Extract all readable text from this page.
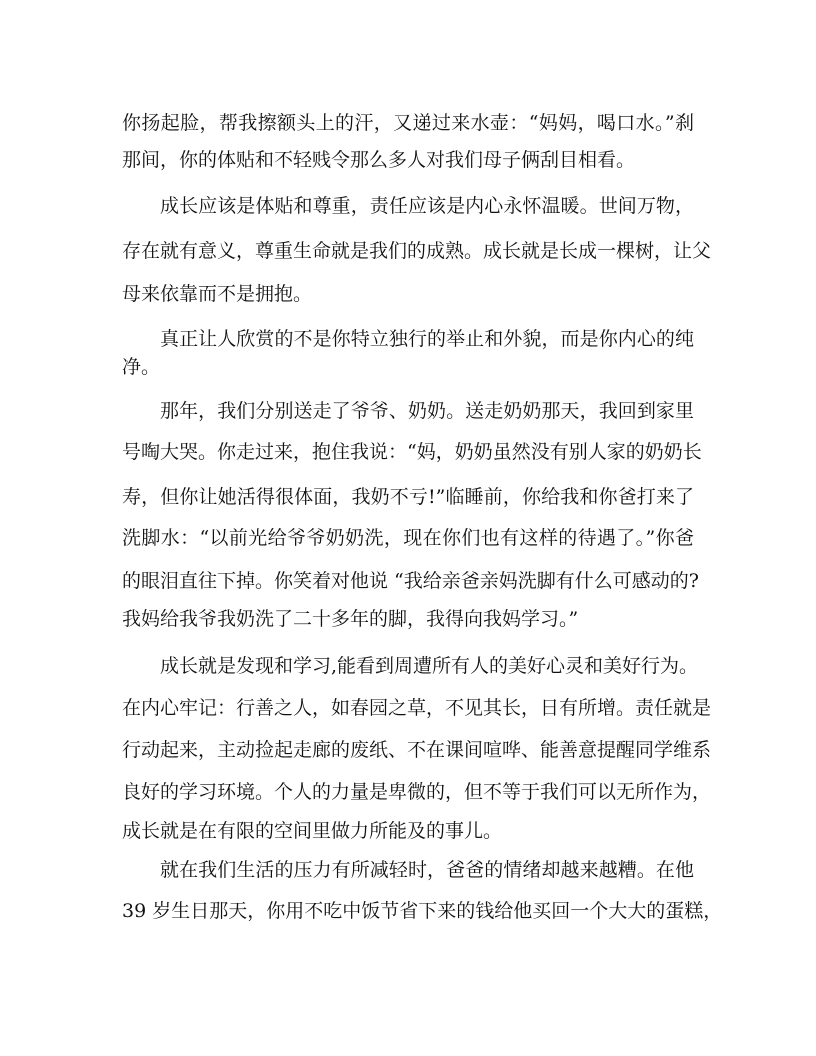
你扬起脸，帮我擦额头上的汗，又递过来水壶：“妈妈，喝口水。”刹
那间，你的体贴和不轻贱令那么多人对我们母子俩刮目相看。
成长应该是体贴和尊重，责任应该是内心永怀温暖。世间万物，
存在就有意义，尊重生命就是我们的成熟。成长就是长成一棵树，让父
母来依靠而不是拥抱。
真正让人欣赏的不是你特立独行的举止和外貌，而是你内心的纯
净。
那年，我们分别送走了爷爷、奶奶。送走奶奶那天，我回到家里
号啕大哭。你走过来，抱住我说：“妈，奶奶虽然没有别人家的奶奶长
寿，但你让她活得很体面，我奶不亏!”临睡前，你给我和你爸打来了
洗脚水：“以前光给爷爷奶奶洗，现在你们也有这样的待遇了。”你爸
的眼泪直往下掉。你笑着对他说 “我给亲爸亲妈洗脚有什么可感动的?
我妈给我爷我奶洗了二十多年的脚，我得向我妈学习。”
成长就是发现和学习,能看到周遭所有人的美好心灵和美好行为。
在内心牢记：行善之人，如春园之草，不见其长，日有所增。责任就是
行动起来，主动捡起走廊的废纸、不在课间喧哗、能善意提醒同学维系
良好的学习环境。个人的力量是卑微的，但不等于我们可以无所作为，
成长就是在有限的空间里做力所能及的事儿。
就在我们生活的压力有所减轻时，爸爸的情绪却越来越糟。在他
39 岁生日那天，你用不吃中饭节省下来的钱给他买回一个大大的蛋糕，
